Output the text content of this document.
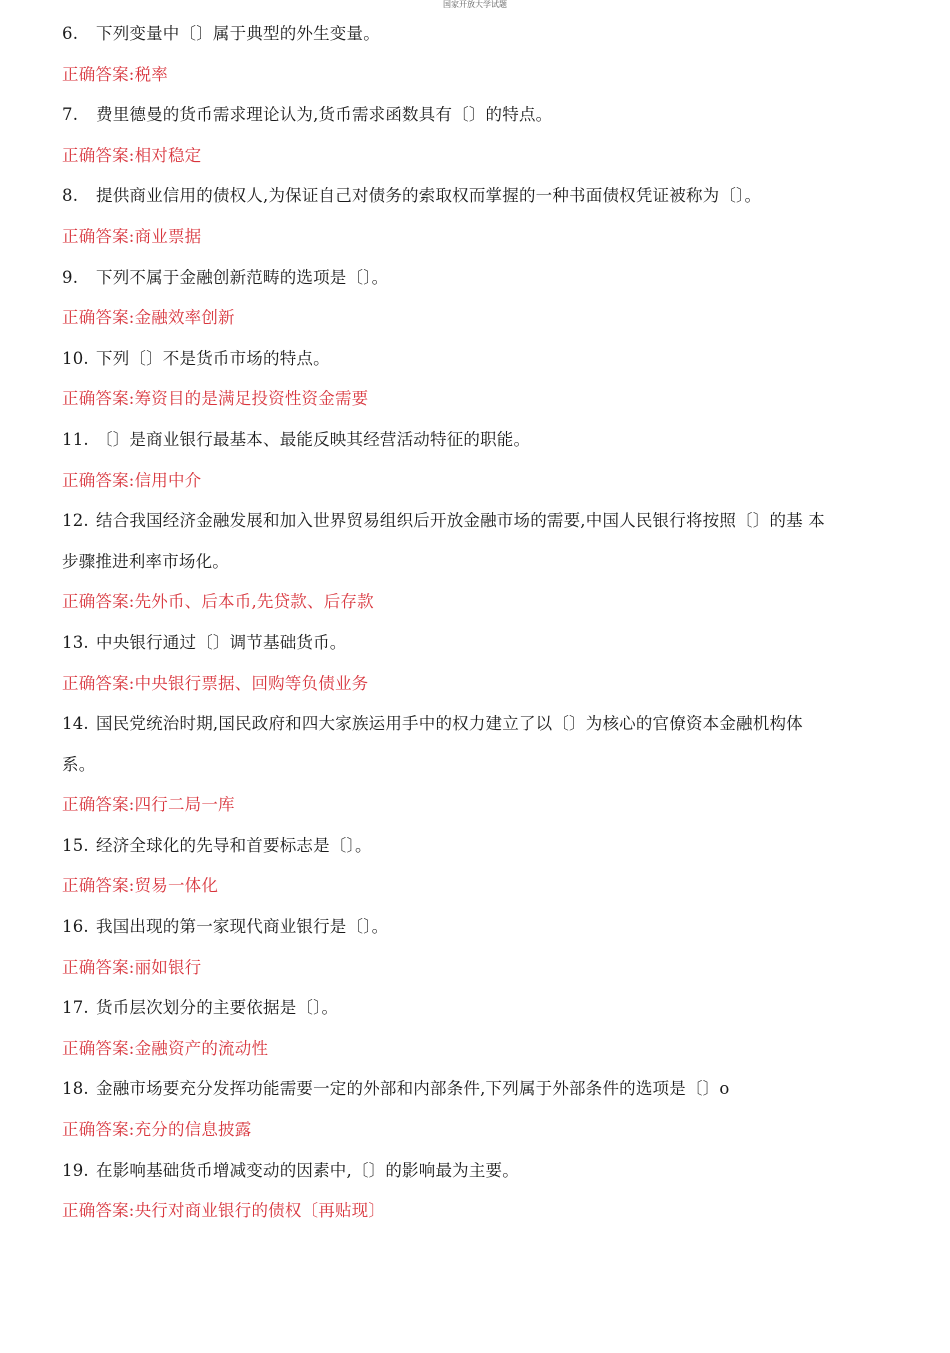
国家开放大学试题
6. 下列变量中〔〕属于典型的外生变量。
正确答案:税率
7. 费里德曼的货币需求理论认为,货币需求函数具有〔〕的特点。
正确答案:相对稳定
8. 提供商业信用的债权人,为保证自己对债务的索取权而掌握的一种书面债权凭证被称为〔〕。
正确答案:商业票据
9. 下列不属于金融创新范畴的选项是〔〕。
正确答案:金融效率创新
10. 下列〔〕不是货币市场的特点。
正确答案:筹资目的是满足投资性资金需要
11. 〔〕是商业银行最基本、最能反映其经营活动特征的职能。
正确答案:信用中介
12. 结合我国经济金融发展和加入世界贸易组织后开放金融市场的需要,中国人民银行将按照〔〕的基 本
步骤推进利率市场化。
正确答案:先外币、后本币,先贷款、后存款
13. 中央银行通过〔〕调节基础货币。
正确答案:中央银行票据、回购等负债业务
14. 国民党统治时期,国民政府和四大家族运用手中的权力建立了以〔〕为核心的官僚资本金融机构体
系。
正确答案:四行二局一库
15. 经济全球化的先导和首要标志是〔〕。
正确答案:贸易一体化
16. 我国出现的第一家现代商业银行是〔〕。
正确答案:丽如银行
17. 货币层次划分的主要依据是〔〕。
正确答案:金融资产的流动性
18. 金融市场要充分发挥功能需要一定的外部和内部条件,下列属于外部条件的选项是〔〕o
正确答案:充分的信息披露
19. 在影响基础货币增减变动的因素中,〔〕的影响最为主要。
正确答案:央行对商业银行的债权〔再贴现〕
